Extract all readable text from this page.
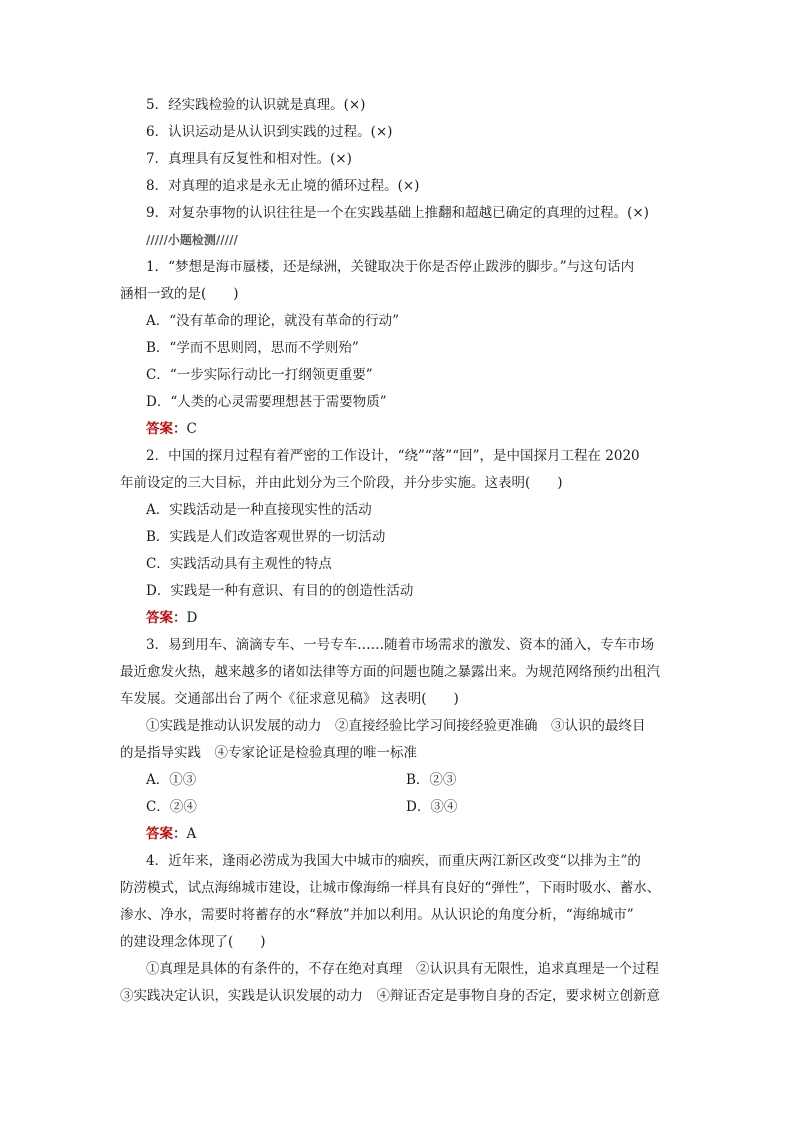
5．经实践检验的认识就是真理。(×)
6．认识运动是从认识到实践的过程。(×)
7．真理具有反复性和相对性。(×)
8．对真理的追求是永无止境的循环过程。(×)
9．对复杂事物的认识往往是一个在实践基础上推翻和超越已确定的真理的过程。(×)
/////小题检测/////
1．“梦想是海市蜃楼，还是绿洲，关键取决于你是否停止跋涉的脚步。”与这句话内
涵相一致的是(　　)
A．“没有革命的理论，就没有革命的行动”
B．“学而不思则罔，思而不学则殆”
C．“一步实际行动比一打纲领更重要”
D．“人类的心灵需要理想甚于需要物质”
答案：C
2．中国的探月过程有着严密的工作设计，“绕”“落”“回”，是中国探月工程在 2020
年前设定的三大目标，并由此划分为三个阶段，并分步实施。这表明(　　)
A．实践活动是一种直接现实性的活动
B．实践是人们改造客观世界的一切活动
C．实践活动具有主观性的特点
D．实践是一种有意识、有目的的创造性活动
答案：D
3．易到用车、滴滴专车、一号专车……随着市场需求的激发、资本的涌入，专车市场
最近愈发火热，越来越多的诸如法律等方面的问题也随之暴露出来。为规范网络预约出租汽
车发展。交通部出台了两个《征求意见稿》 这表明(　　)
①实践是推动认识发展的动力　②直接经验比学习间接经验更准确　③认识的最终目
的是指导实践　④专家论证是检验真理的唯一标准
A．①③	B．②③
C．②④	D．③④
答案：A
4．近年来，逢雨必涝成为我国大中城市的痼疾，而重庆两江新区改变“以排为主”的
防涝模式，试点海绵城市建设，让城市像海绵一样具有良好的“弹性”，下雨时吸水、蓄水、
渗水、净水，需要时将蓄存的水“释放”并加以利用。从认识论的角度分析，“海绵城市”
的建设理念体现了(　　)
①真理是具体的有条件的，不存在绝对真理　②认识具有无限性，追求真理是一个过程
③实践决定认识，实践是认识发展的动力　④辩证否定是事物自身的否定，要求树立创新意
